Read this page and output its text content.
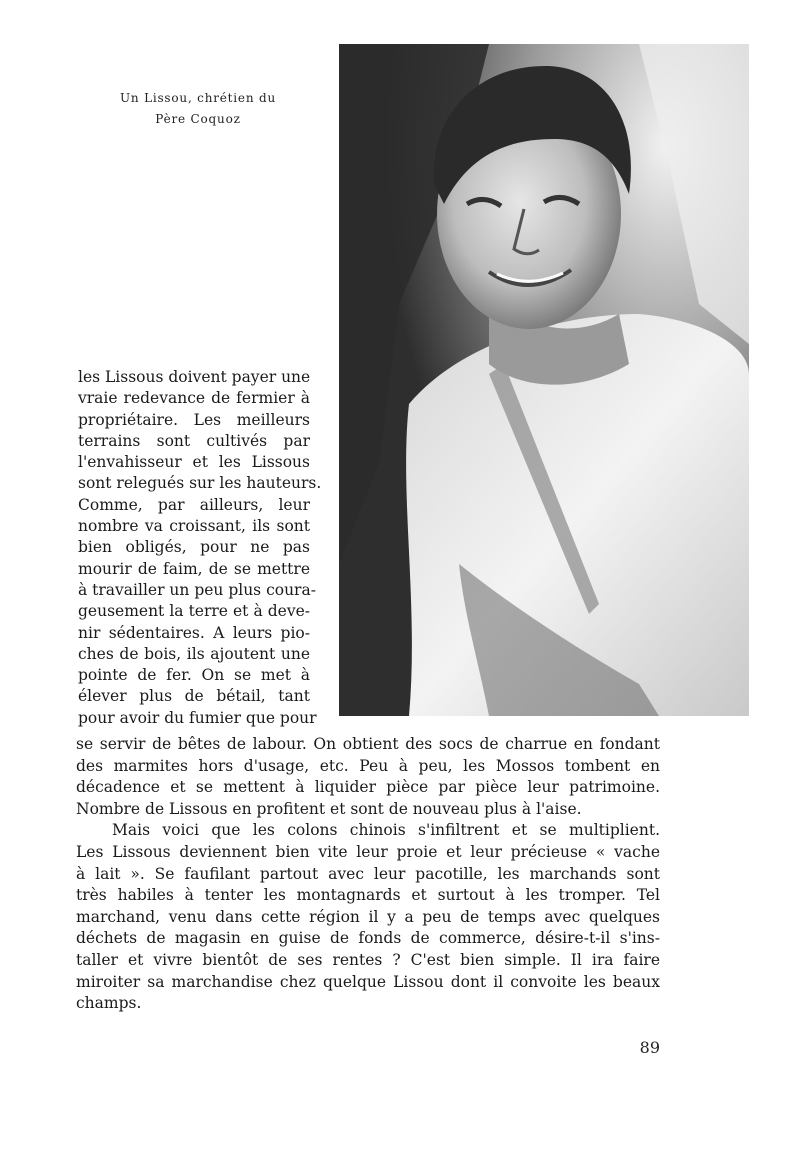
Un Lissou, chrétien du
Père Coquoz
les Lissous doivent payer une
vraie redevance de fermier à
propriétaire. Les meilleurs
terrains sont cultivés par
l'envahisseur et les Lissous
sont relegués sur les hauteurs.
Comme, par ailleurs, leur
nombre va croissant, ils sont
bien obligés, pour ne pas
mourir de faim, de se mettre
à travailler un peu plus coura-
geusement la terre et à deve-
nir sédentaires. A leurs pio-
ches de bois, ils ajoutent une
pointe de fer. On se met à
élever plus de bétail, tant
pour avoir du fumier que pour
se servir de bêtes de labour. On obtient des socs de charrue en fondant
des marmites hors d'usage, etc. Peu à peu, les Mossos tombent en
décadence et se mettent à liquider pièce par pièce leur patrimoine.
Nombre de Lissous en profitent et sont de nouveau plus à l'aise.
Mais voici que les colons chinois s'infiltrent et se multiplient.
Les Lissous deviennent bien vite leur proie et leur précieuse « vache
à lait ». Se faufilant partout avec leur pacotille, les marchands sont
très habiles à tenter les montagnards et surtout à les tromper. Tel
marchand, venu dans cette région il y a peu de temps avec quelques
déchets de magasin en guise de fonds de commerce, désire-t-il s'ins-
taller et vivre bientôt de ses rentes ? C'est bien simple. Il ira faire
miroiter sa marchandise chez quelque Lissou dont il convoite les beaux
champs.
89
